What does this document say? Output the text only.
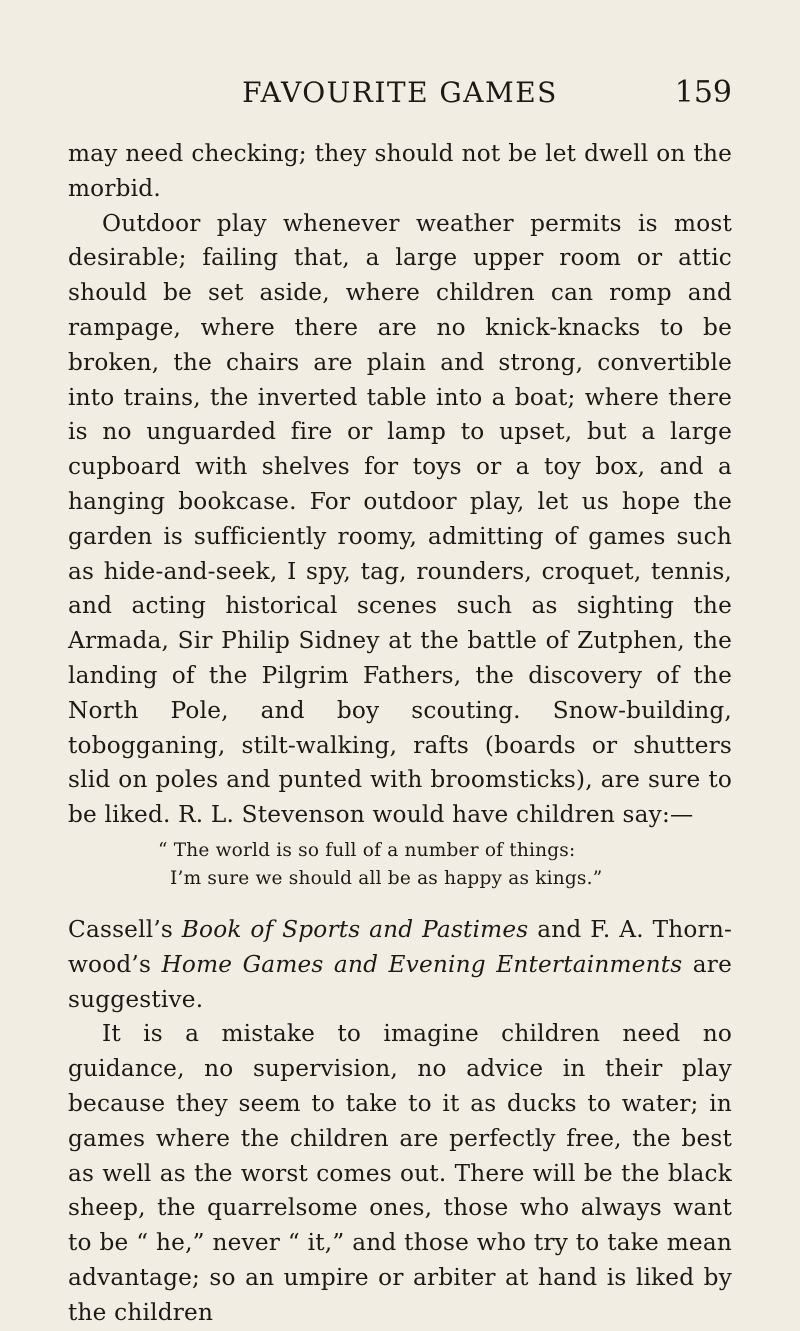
FAVOURITE GAMES	159

may need checking; they should not be let dwell on the morbid.

Outdoor play whenever weather permits is most desirable; failing that, a large upper room or attic should be set aside, where children can romp and rampage, where there are no knick-knacks to be broken, the chairs are plain and strong, convertible into trains, the inverted table into a boat; where there is no unguarded fire or lamp to upset, but a large cupboard with shelves for toys or a toy box, and a hanging bookcase. For outdoor play, let us hope the garden is sufficiently roomy, admitting of games such as hide-and-seek, I spy, tag, rounders, croquet, tennis, and acting historical scenes such as sighting the Armada, Sir Philip Sidney at the battle of Zutphen, the landing of the Pilgrim Fathers, the discovery of the North Pole, and boy scouting. Snow-building, tobogganing, stilt-walking, rafts (boards or shutters slid on poles and punted with broomsticks), are sure to be liked. R. L. Stevenson would have children say:—

“ The world is so full of a number of things:
I’m sure we should all be as happy as kings.”

Cassell’s Book of Sports and Pastimes and F. A. Thorn-wood’s Home Games and Evening Entertainments are suggestive.

It is a mistake to imagine children need no guidance, no supervision, no advice in their play because they seem to take to it as ducks to water; in games where the children are perfectly free, the best as well as the worst comes out. There will be the black sheep, the quarrelsome ones, those who always want to be “ he,” never “ it,” and those who try to take mean advantage; so an umpire or arbiter at hand is liked by the children
